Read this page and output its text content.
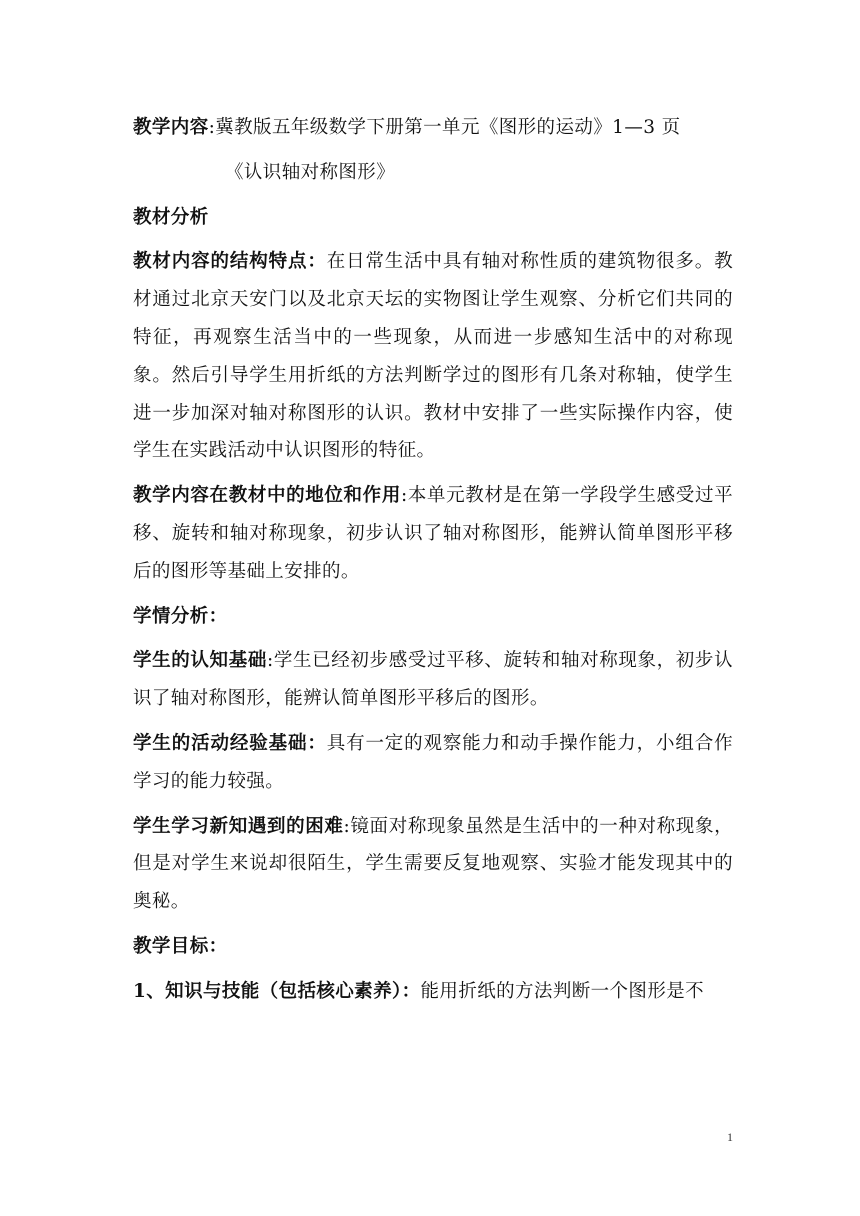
教学内容:冀教版五年级数学下册第一单元《图形的运动》1—3 页

《认识轴对称图形》

教材分析

教材内容的结构特点：在日常生活中具有轴对称性质的建筑物很多。教材通过北京天安门以及北京天坛的实物图让学生观察、分析它们共同的特征，再观察生活当中的一些现象，从而进一步感知生活中的对称现象。然后引导学生用折纸的方法判断学过的图形有几条对称轴，使学生进一步加深对轴对称图形的认识。教材中安排了一些实际操作内容，使学生在实践活动中认识图形的特征。

教学内容在教材中的地位和作用:本单元教材是在第一学段学生感受过平移、旋转和轴对称现象，初步认识了轴对称图形，能辨认简单图形平移后的图形等基础上安排的。

学情分析：

学生的认知基础:学生已经初步感受过平移、旋转和轴对称现象，初步认识了轴对称图形，能辨认简单图形平移后的图形。

学生的活动经验基础：具有一定的观察能力和动手操作能力，小组合作学习的能力较强。

学生学习新知遇到的困难:镜面对称现象虽然是生活中的一种对称现象，但是对学生来说却很陌生，学生需要反复地观察、实验才能发现其中的奥秘。

教学目标：

1、知识与技能（包括核心素养）：能用折纸的方法判断一个图形是不

1
